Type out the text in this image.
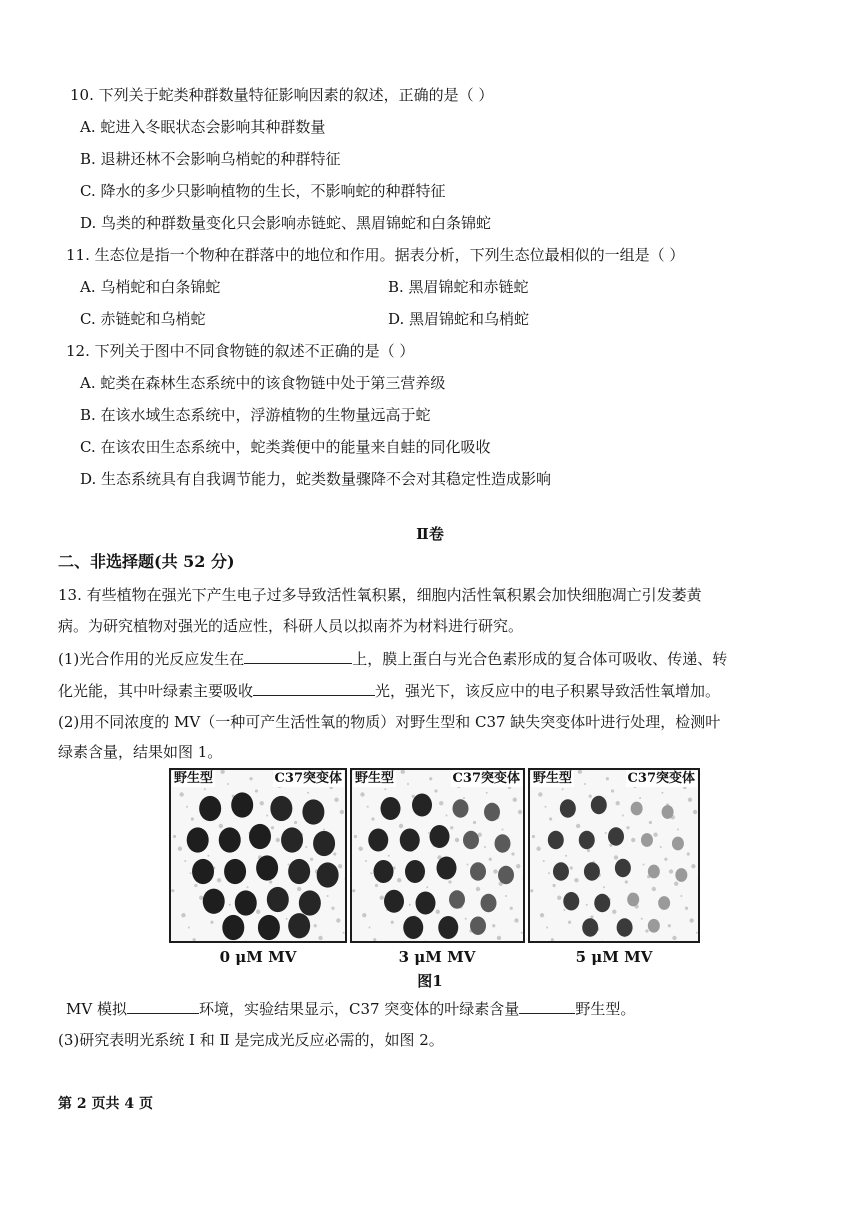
10. 下列关于蛇类种群数量特征影响因素的叙述，正确的是（ ）
A. 蛇进入冬眠状态会影响其种群数量
B. 退耕还林不会影响乌梢蛇的种群特征
C. 降水的多少只影响植物的生长，不影响蛇的种群特征
D. 鸟类的种群数量变化只会影响赤链蛇、黑眉锦蛇和白条锦蛇
11. 生态位是指一个物种在群落中的地位和作用。据表分析，下列生态位最相似的一组是（ ）
A. 乌梢蛇和白条锦蛇	B. 黑眉锦蛇和赤链蛇
C. 赤链蛇和乌梢蛇	D. 黑眉锦蛇和乌梢蛇
12. 下列关于图中不同食物链的叙述不正确的是（ ）
A. 蛇类在森林生态系统中的该食物链中处于第三营养级
B. 在该水域生态系统中，浮游植物的生物量远高于蛇
C. 在该农田生态系统中，蛇类粪便中的能量来自蛙的同化吸收
D. 生态系统具有自我调节能力，蛇类数量骤降不会对其稳定性造成影响
Ⅱ卷
二、非选择题(共 52 分)
13. 有些植物在强光下产生电子过多导致活性氧积累，细胞内活性氧积累会加快细胞凋亡引发萎黄
病。为研究植物对强光的适应性，科研人员以拟南芥为材料进行研究。
(1)光合作用的光反应发生在	上，膜上蛋白与光合色素形成的复合体可吸收、传递、转
化光能，其中叶绿素主要吸收	光，强光下，该反应中的电子积累导致活性氧增加。
(2)用不同浓度的 MV（一种可产生活性氧的物质）对野生型和 C37 缺失突变体叶进行处理，检测叶
绿素含量，结果如图 1。
野生型	C37突变体 野生型	C37突变体 野生型	C37突变体
0 μM MV	3 μM MV	5 μM MV
图1
MV 模拟	环境，实验结果显示，C37 突变体的叶绿素含量	野生型。
(3)研究表明光系统 Ⅰ 和 Ⅱ 是完成光反应必需的，如图 2。
第 2 页共 4 页
